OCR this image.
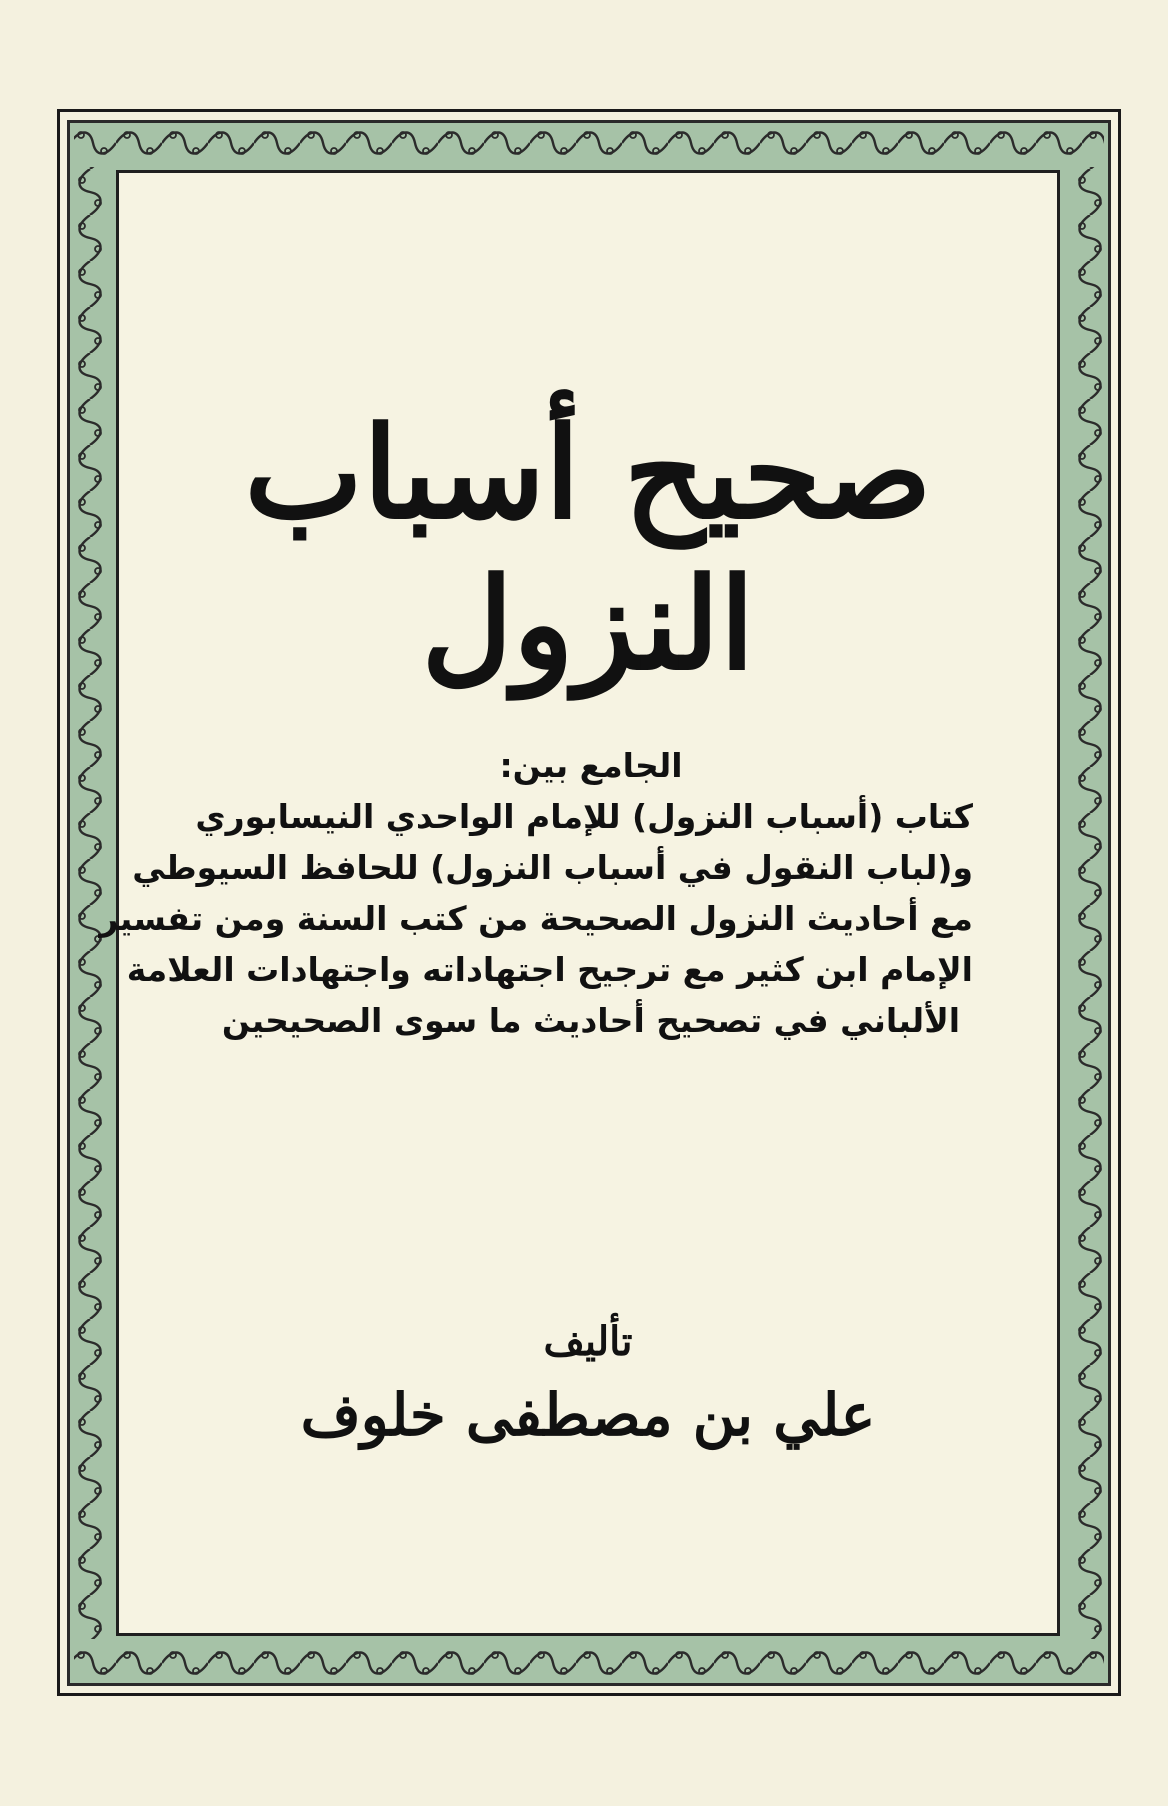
صحيح أسباب النزول
الجامع بين:
كتاب (أسباب النزول) للإمام الواحدي النيسابوري
و(لباب النقول في أسباب النزول) للحافظ السيوطي
مع أحاديث النزول الصحيحة من كتب السنة ومن تفسير
الإمام ابن كثير مع ترجيح اجتهاداته واجتهادات العلامة
الألباني في تصحيح أحاديث ما سوى الصحيحين
تأليف
علي بن مصطفى خلوف
